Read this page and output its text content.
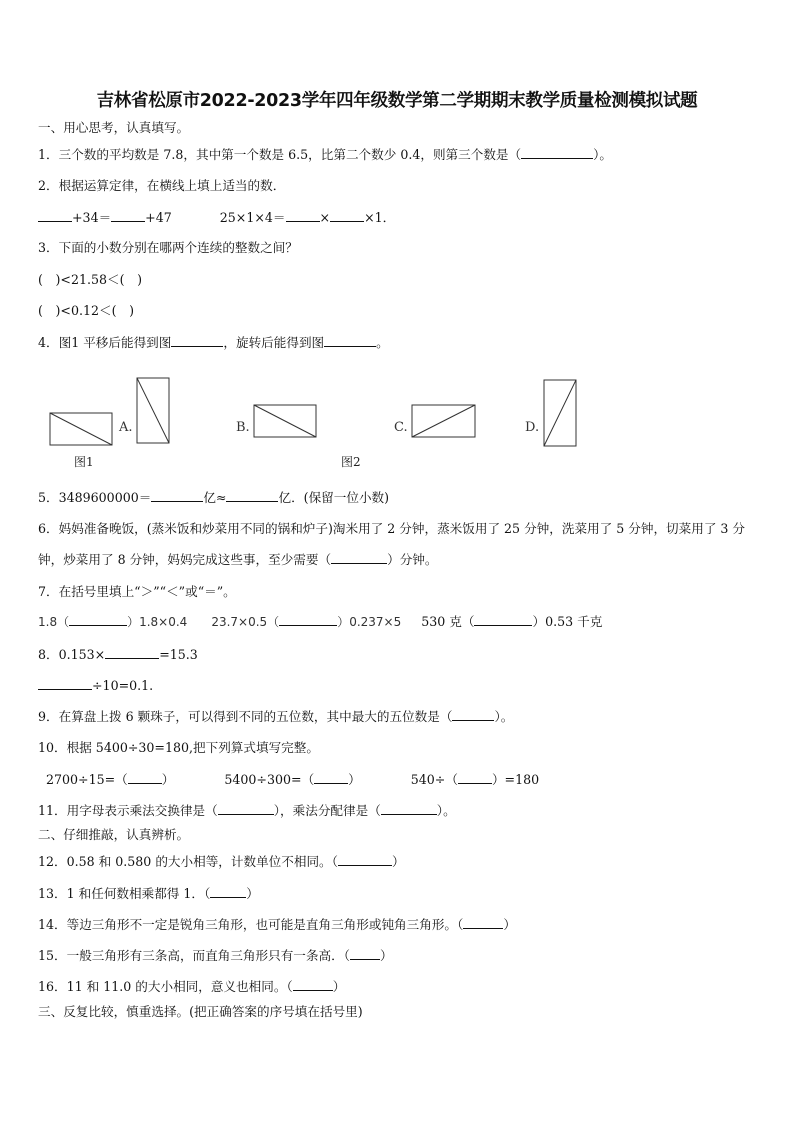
吉林省松原市2022-2023学年四年级数学第二学期期末教学质量检测模拟试题
一、用心思考，认真填写。
1．三个数的平均数是 7.8，其中第一个数是 6.5，比第二个数少 0.4，则第三个数是（	）。
2．根据运算定律，在横线上填上适当的数．
+34＝	+47	25×1×4＝	×	×1．
3．下面的小数分别在哪两个连续的整数之间？
(　)<21.58＜(　)
(　)<0.12＜(　)
4．图1 平移后能得到图	，旋转后能得到图	。
A.	B.	C.	D.
图1	图2
5．3489600000＝	亿≈	亿．(保留一位小数)
6．妈妈准备晚饭，(蒸米饭和炒菜用不同的锅和炉子)淘米用了 2 分钟，蒸米饭用了 25 分钟，洗菜用了 5 分钟，切菜用了 3 分钟，炒菜用了 8 分钟，妈妈完成这些事，至少需要（	）分钟。
7．在括号里填上“＞”“＜”或“＝”。
1.8（	）1.8×0.4 23.7×0.5（	）0.237×5 530 克（	）0.53 千克
8．0.153×	=15.3
÷10=0.1.
9．在算盘上拨 6 颗珠子，可以得到不同的五位数，其中最大的五位数是（	）。
10．根据 5400÷30=180,把下列算式填写完整。
2700÷15=（	）	5400÷300=（	）	540÷（	）=180
11．用字母表示乘法交换律是（	），乘法分配律是（	）。
二、仔细推敲，认真辨析。
12．0.58 和 0.580 的大小相等，计数单位不相同。（	）
13．1 和任何数相乘都得 1．（	）
14．等边三角形不一定是锐角三角形，也可能是直角三角形或钝角三角形。（	）
15．一般三角形有三条高，而直角三角形只有一条高．（ ）
16．11 和 11.0 的大小相同，意义也相同。（	）
三、反复比较，慎重选择。(把正确答案的序号填在括号里)
